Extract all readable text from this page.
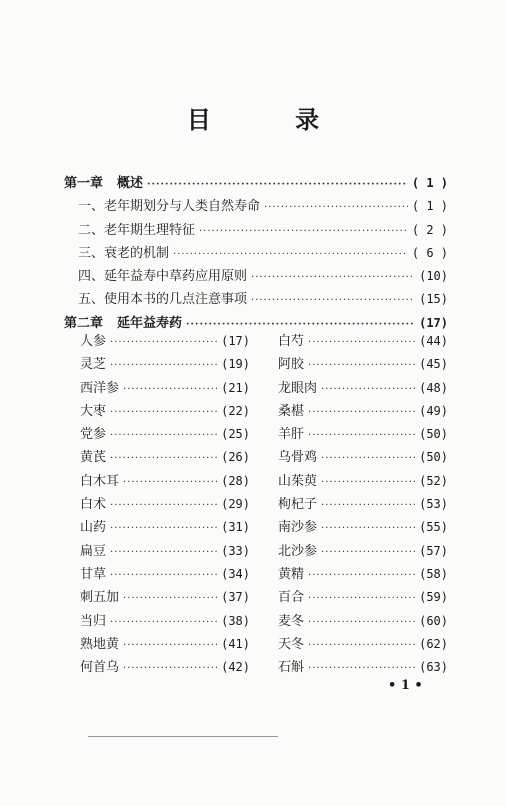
目 录
第一章 概述 ·····	( 1 )
一、老年期划分与人类自然寿命 ·····	( 1 )
二、老年期生理特征 ·····	( 2 )
三、衰老的机制 ·····	( 6 )
四、延年益寿中草药应用原则 ·····	(10)
五、使用本书的几点注意事项 ·····	(15)
第二章 延年益寿药 ·····	(17)
人参 ·····	(17)
灵芝 ·····	(19)
西洋参 ·····	(21)
大枣 ·····	(22)
党参 ·····	(25)
黄芪 ·····	(26)
白木耳 ·····	(28)
白术 ·····	(29)
山药 ·····	(31)
扁豆 ·····	(33)
甘草 ·····	(34)
刺五加 ·····	(37)
当归 ·····	(38)
熟地黄 ·····	(41)
何首乌 ·····	(42)
白芍 ·····	(44)
阿胶 ·····	(45)
龙眼肉 ·····	(48)
桑椹 ·····	(49)
羊肝 ·····	(50)
乌骨鸡 ·····	(50)
山茱萸 ·····	(52)
枸杞子 ·····	(53)
南沙参 ·····	(55)
北沙参 ·····	(57)
黄精 ·····	(58)
百合 ·····	(59)
麦冬 ·····	(60)
天冬 ·····	(62)
石斛 ·····	(63)
• 1 •
